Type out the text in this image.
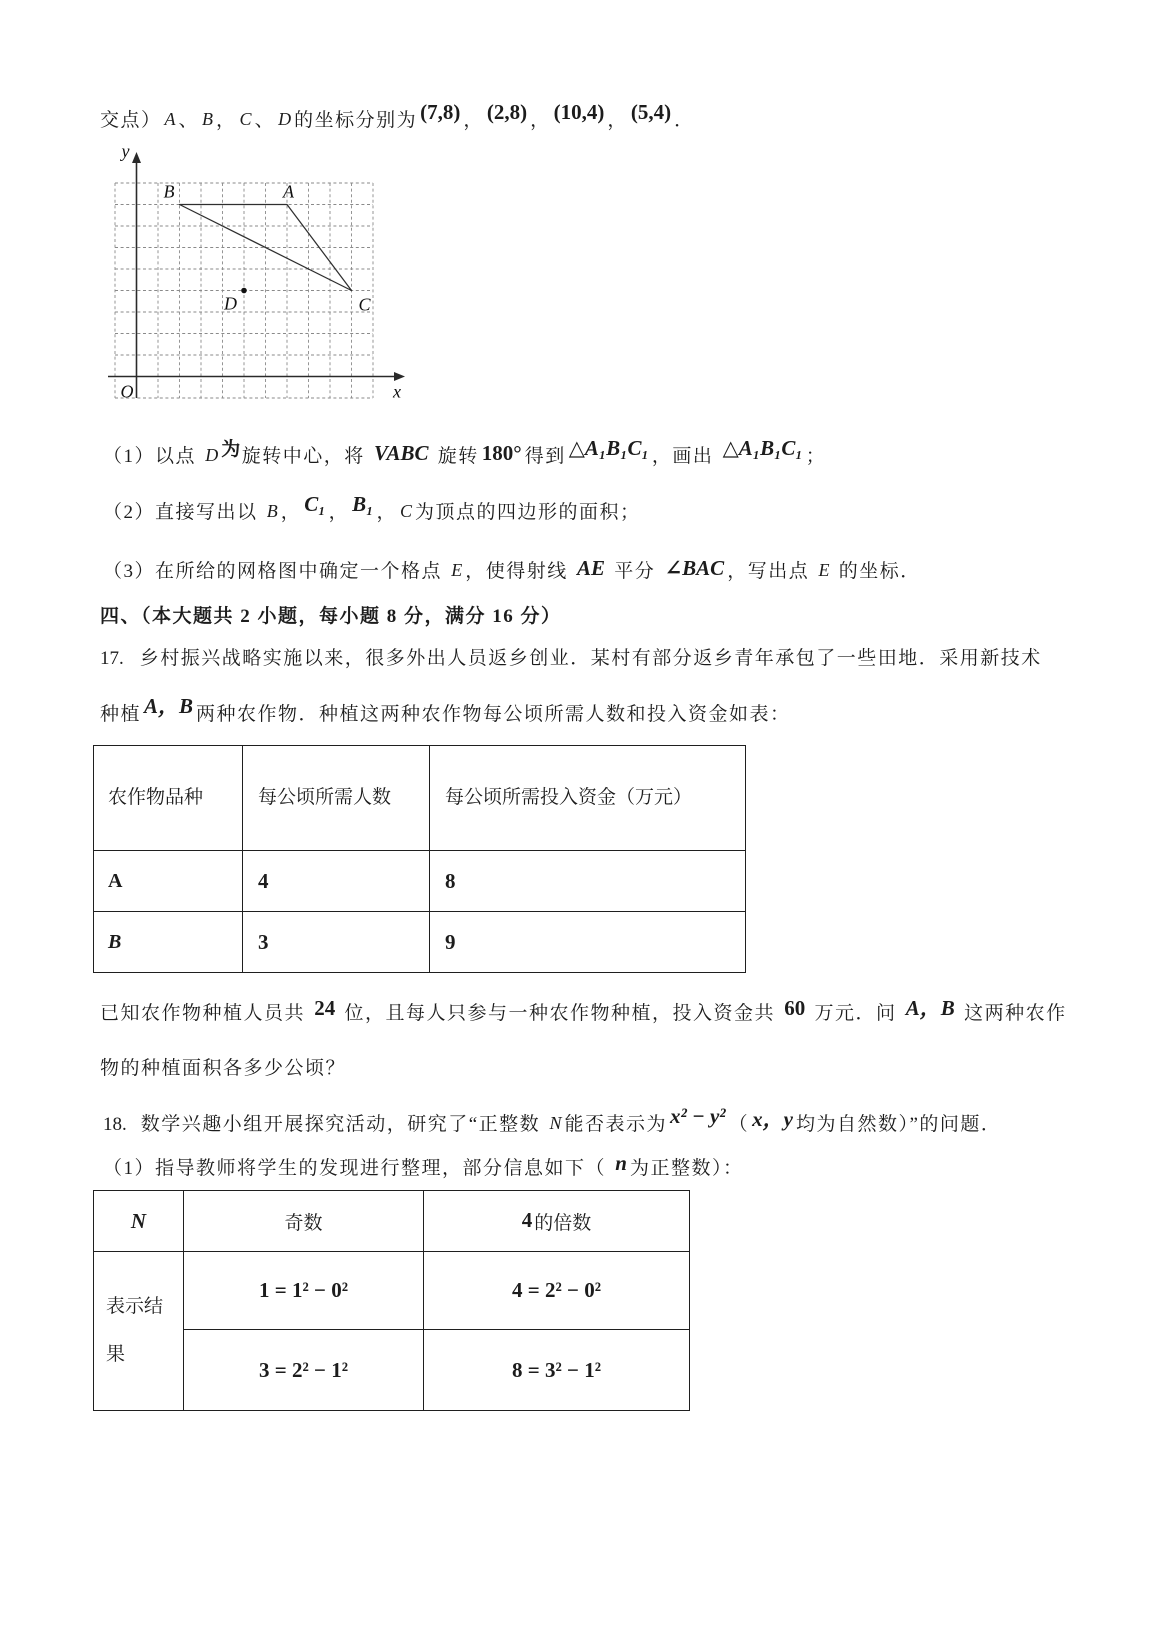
交点） A 、 B ， C 、 D 的坐标分别为 (7,8) ， (2,8) ， (10,4) ， (5,4) ．
B	A
C
D
y
x
O
（1）以点 D 为旋转中心，将 VABC 旋转 180° 得到 △A₁B₁C₁ ，画出 △A₁B₁C₁ ；
（2）直接写出以 B ， C₁ ， B₁ ， C 为顶点的四边形的面积；
（3）在所给的网格图中确定一个格点 E ，使得射线 AE 平分 ∠BAC ，写出点 E 的坐标．
四、（本大题共 2 小题，每小题 8 分，满分 16 分）
17. 乡村振兴战略实施以来，很多外出人员返乡创业．某村有部分返乡青年承包了一些田地．采用新技术
种植 A，B 两种农作物．种植这两种农作物每公顷所需人数和投入资金如表：
农作物品种	每公顷所需人数	每公顷所需投入资金（万元）
A	4	8
B	3	9
已知农作物种植人员共 24 位，且每人只参与一种农作物种植，投入资金共 60 万元．问 A，B 这两种农作物的种植面积各多少公顷？
18. 数学兴趣小组开展探究活动，研究了“正整数 N 能否表示为 x² − y² （ x，y 均为自然数）”的问题．
（1）指导教师将学生的发现进行整理，部分信息如下（ n 为正整数）：
N	奇数	4 的倍数
表示结果	1 = 1² − 0²	4 = 2² − 0²
	3 = 2² − 1²	8 = 3² − 1²
